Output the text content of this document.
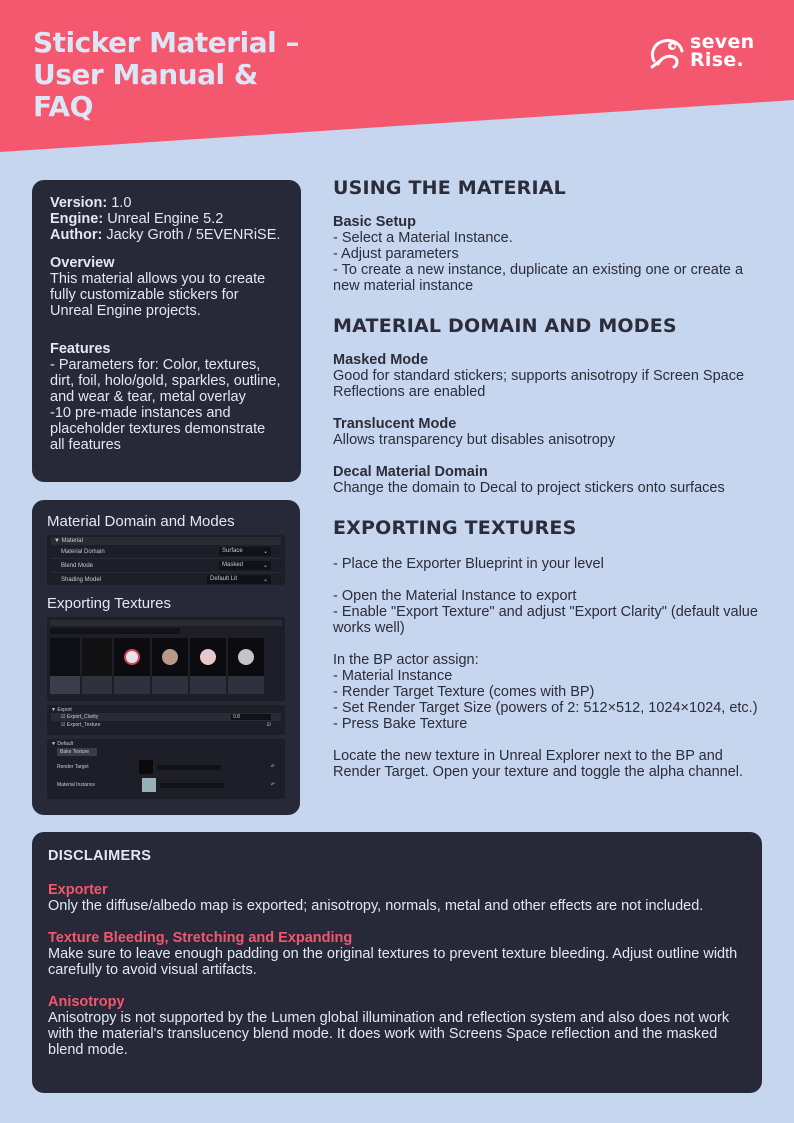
Sticker Material –
User Manual &
FAQ
seven
Rise.
Version: 1.0
Engine: Unreal Engine 5.2
Author: Jacky Groth / 5EVENRiSE.
Overview

This material allows you to create fully customizable stickers for Unreal Engine projects.

Features

- Parameters for: Color, textures, dirt, foil, holo/gold, sparkles, outline, and wear & tear, metal overlay

-10 pre-made instances and placeholder textures demonstrate all features

Material Domain and Modes
▼ Material
Material Domain	Surface	⌄
Blend Mode	Masked	⌄
Shading Model	Default Lit	⌄
Exporting Textures
▼ Export
☑ Export_Clarity	0.8
☑ Export_Texture	☑
▼ Default
Bake Texture
Render Target	↶
Material Instance	↶
USING THE MATERIAL
Basic Setup
- Select a Material Instance.
- Adjust parameters
- To create a new instance, duplicate an existing one or create a new material instance
MATERIAL DOMAIN AND MODES
Masked Mode
Good for standard stickers; supports anisotropy if Screen Space Reflections are enabled
Translucent Mode
Allows transparency but disables anisotropy
Decal Material Domain
Change the domain to Decal to project stickers onto surfaces
EXPORTING TEXTURES
- Place the Exporter Blueprint in your level
- Open the Material Instance to export
- Enable "Export Texture" and adjust "Export Clarity" (default value works well)
In the BP actor assign:
- Material Instance
- Render Target Texture (comes with BP)
- Set Render Target Size (powers of 2: 512×512, 1024×1024, etc.)
- Press Bake Texture
Locate the new texture in Unreal Explorer next to the BP and Render Target. Open your texture and toggle the alpha channel.
DISCLAIMERS
Exporter
Only the diffuse/albedo map is exported; anisotropy, normals, metal and other effects are not included.
Texture Bleeding, Stretching and Expanding
Make sure to leave enough padding on the original textures to prevent texture bleeding. Adjust outline width carefully to avoid visual artifacts.
Anisotropy
Anisotropy is not supported by the Lumen global illumination and reflection system and also does not work with the material's translucency blend mode. It does work with Screens Space reflection and the masked blend mode.
